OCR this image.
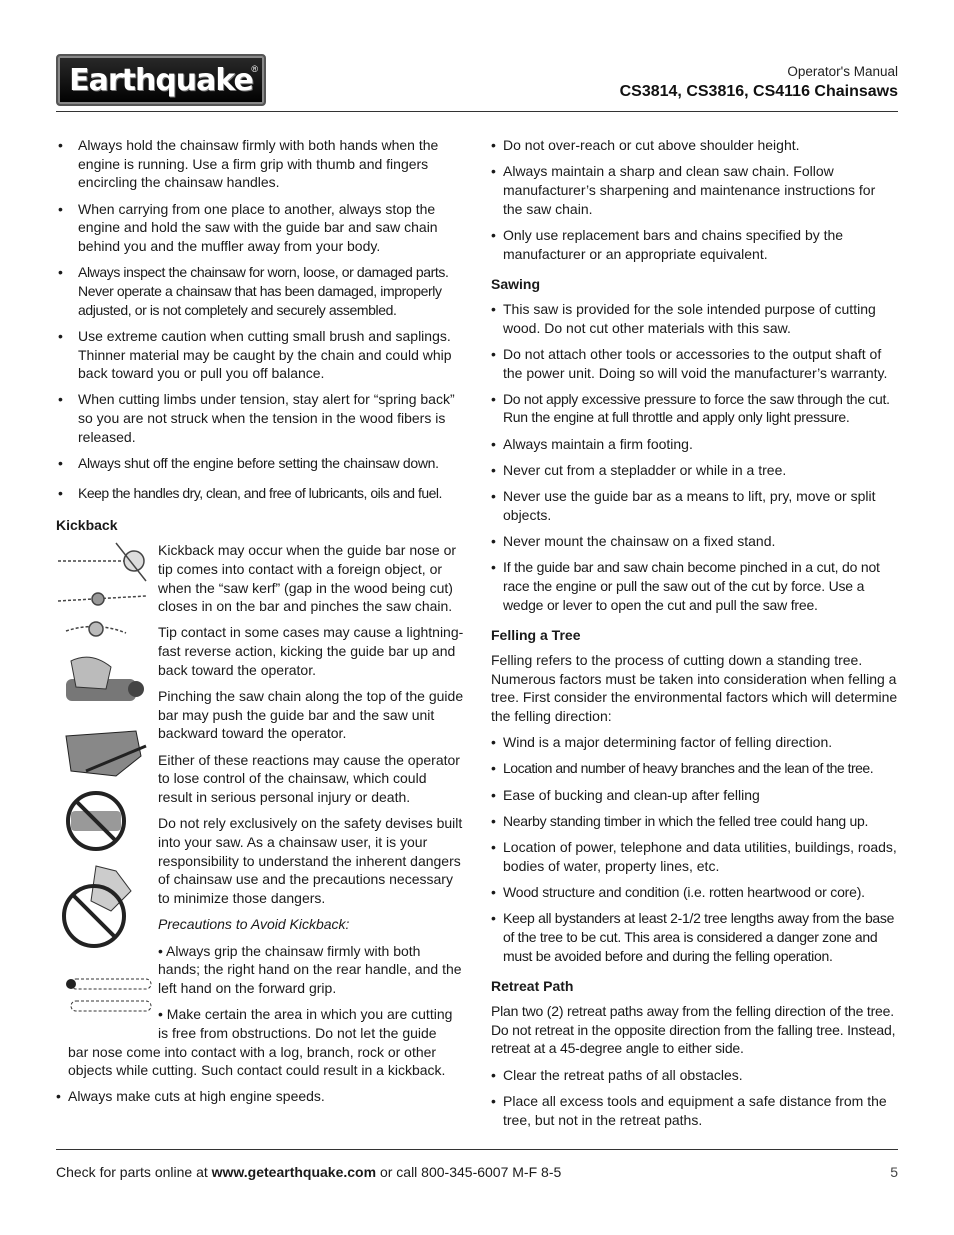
Earthquake
®	Operator's Manual
CS3814, CS3816, CS4116 Chainsaws
• Always hold the chainsaw firmly with both hands when the engine is running. Use a firm grip with thumb and fingers encircling the chainsaw handles.
• When carrying from one place to another, always stop the engine and hold the saw with the guide bar and saw chain behind you and the muffler away from your body.
• Always inspect the chainsaw for worn, loose, or damaged parts. Never operate a chainsaw that has been damaged, improperly adjusted, or is not completely and securely assembled.
• Use extreme caution when cutting small brush and saplings. Thinner material may be caught by the chain and could whip back toward you or pull you off balance.
• When cutting limbs under tension, stay alert for “spring back” so you are not struck when the tension in the wood fibers is released.
• Always shut off the engine before setting the chainsaw down.
• Keep the handles dry, clean, and free of lubricants, oils and fuel.
Kickback

Kickback may occur when the guide bar nose or tip comes into contact with a foreign object, or when the “saw kerf” (gap in the wood being cut) closes in on the bar and pinches the saw chain.

Tip contact in some cases may cause a lightning-fast reverse action, kicking the guide bar up and back toward the operator.

Pinching the saw chain along the top of the guide bar may push the guide bar and the saw unit backward toward the operator.

Either of these reactions may cause the operator to lose control of the chainsaw, which could result in serious personal injury or death.

Do not rely exclusively on the safety devises built into your saw. As a chainsaw user, it is your responsibility to understand the inherent dangers of chainsaw use and the precautions necessary to minimize those dangers.

Precautions to Avoid Kickback:

• Always grip the chainsaw firmly with both hands; the right hand on the rear handle, and the left hand on the forward grip.

• Make certain the area in which you are cutting is free from obstructions. Do not let the guide

bar nose come into contact with a log, branch, rock or other objects while cutting. Such contact could result in a kickback.

• Always make cuts at high engine speeds.
• Do not over-reach or cut above shoulder height.
• Always maintain a sharp and clean saw chain. Follow manufacturer’s sharpening and maintenance instructions for the saw chain.
• Only use replacement bars and chains specified by the manufacturer or an appropriate equivalent.
Sawing
• This saw is provided for the sole intended purpose of cutting wood. Do not cut other materials with this saw.
• Do not attach other tools or accessories to the output shaft of the power unit. Doing so will void the manufacturer’s warranty.
• Do not apply excessive pressure to force the saw through the cut. Run the engine at full throttle and apply only light pressure.
• Always maintain a firm footing.
• Never cut from a stepladder or while in a tree.
• Never use the guide bar as a means to lift, pry, move or split objects.
• Never mount the chainsaw on a fixed stand.
• If the guide bar and saw chain become pinched in a cut, do not race the engine or pull the saw out of the cut by force. Use a wedge or lever to open the cut and pull the saw free.
Felling a Tree

Felling refers to the process of cutting down a standing tree. Numerous factors must be taken into consideration when felling a tree. First consider the environmental factors which will determine the felling direction:

• Wind is a major determining factor of felling direction.
• Location and number of heavy branches and the lean of the tree.
• Ease of bucking and clean-up after felling
• Nearby standing timber in which the felled tree could hang up.
• Location of power, telephone and data utilities, buildings, roads, bodies of water, property lines, etc.
• Wood structure and condition (i.e. rotten heartwood or core).
• Keep all bystanders at least 2-1/2 tree lengths away from the base of the tree to be cut. This area is considered a danger zone and must be avoided before and during the felling operation.
Retreat Path

Plan two (2) retreat paths away from the felling direction of the tree. Do not retreat in the opposite direction from the falling tree. Instead, retreat at a 45-degree angle to either side.

• Clear the retreat paths of all obstacles.
• Place all excess tools and equipment a safe distance from the tree, but not in the retreat paths.
Check for parts online at www.getearthquake.com or call 800-345-6007 M-F 8-5	5
